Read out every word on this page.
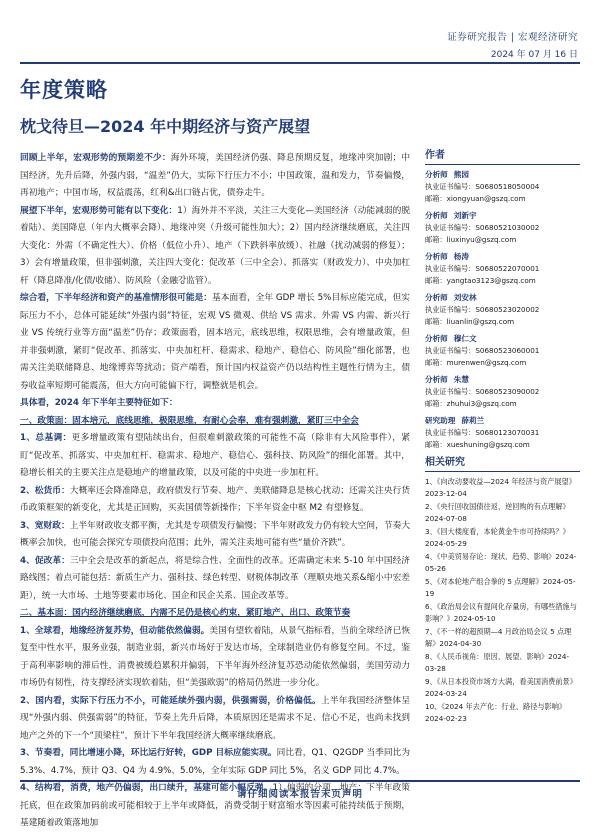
证券研究报告 | 宏观经济研究
2024 年 07 月 16 日
年度策略
枕戈待旦—2024 年中期经济与资产展望

回顾上半年，宏观形势的预期差不少：海外环境，美国经济仍强、降息预期反复，地缘冲突加剧；中国经济，先升后降，外强内弱，“温差”仍大，实际下行压力不小；中国政策，温和发力，节奏偏慢，再初地产；中国市场，权益震荡，红利&出口链占优，债券走牛。

展望下半年，宏观形势可能有以下变化：1）海外并不平淡，关注三大变化—美国经济（动能减弱的脱着陆）、美国降息（年内大概率会降）、地缘冲突（升级可能性加大）；2）国内经济继续磨底，关注四大变化：外需（不确定性大）、价格（低位小升）、地产（下跌斜率放缓）、社融（扰动减弱的修复）；3）会有增量政策，但非强刺激，关注四大变化：促改革（三中全会）、抓落实（财政发力）、中央加杠杆（降息降准/化债/收储）、防风险（金融강监管）。

综合看，下半年经济和资产的基准情形很可能是：基本面看，全年 GDP 增长 5%目标应能完成，但实际压力不小，总体可能延续“外强内弱”特征，宏观 VS 微观、供给 VS 需求、外需 VS 内需、新兴行业 VS 传统行业等方面“温差”仍存；政策面看，固本培元，底线思维，权限思维，会有增量政策，但并非强刺激，紧盯“促改革、抓落实、中央加杠杆、稳需求、稳地产、稳信心、防风险”细化部署，也需关注美联储降息、地缘博弈等扰动；资产端看，预计国内权益资产仍以结构性主题性行情为主，债券收益率短期可能震荡，但大方向可能偏下行，调整就是机会。

具体看，2024 年下半年主要特征如下：

一、政策面：固本培元，底线思维，极限思维，有耐心会奉，难有强刺激，紧盯三中全会

1、总基调：更多增量政策有望陆续出台，但很难刺激政策的可能性不高（除非有大风险事件），紧盯“促改革、抓落实、中央加杠杆、稳需求、稳地产、稳信心、强科技、防风险”的细化部署。其中，稳增长相关的主要关注点是稳地产的增量政策，以及可能的中央进一步加杠杆。

2、松货币：大概率还会降准降息，政府债发行节奏、地产、美联储降息是核心扰动；还需关注央行货币政策框架的新变化，尤其是正回购，买卖国债等新操作；下半年资金中枢 M2 有望修复。

3、宽财政：上半年财政收支都平衡，尤其是专项债发行偏慢；下半年财政发力仍有较大空间，节奏大概率会加快，也可能会探究专项债投向范围；此外，需关注卖地可能有些“量价齐跌”。

4、促改革：三中全会是改革的新起点，将是综合性、全面性的改革。还需确定未来 5-10 年中国经济路线图；着点可能包括：新质生产力、强科技、绿色转型、财税体制改革（理顺央地关系&缩小中宏差距），统一大市场、土地等要素市场化、国企和民企关系、国企改革等。

二、基本面：国内经济继续磨底，内需不足仍是核心约束，紧盯地产、出口、政策节奏

1、全球看，地缘经济复苏势，但动能依然偏弱。美国有望软着陆，从景气指标看，当前全球经济已恢复至中性水平，服务业强，制造业弱，新兴市场好于发达市场，全球制造业仍有修复空间。不过，鉴于高利率影响的滞后性，消费被缓趋累积并偏弱，下半年海外经济复苏恐动能依然偏弱，美国劳动力市场仍有韧性，待支撑经济实现软着陆，但“美强欧弱”的格局仍然进一步分化。

2、国内看，实际下行压力不小，可能延续外强内弱，供强需弱，价格偏低。上半年我国经济整体呈现“外强内弱、供强需弱”的特征，节奏上先升后降，本质原因还是需求不足、信心不足，也尚未找到地产之外的下一个“顶梁柱”，预计下半年我国经济大概率继续磨底。

3、节奏看，同比增速小降，环比运行好转，GDP 目标应能实现。同比看，Q1、Q2GDP 当季同比为 5.3%、4.7%，预计 Q3、Q4 为 4.9%、5.0%，全年实际 GDP 同比 5%，名义 GDP 同比 4.7%。

4、结构看，消费，地产仍偏弱，出口续升，基建可能小幅反弹。1）偏弱的分项，地产：下半年政策托底，但在政策加码前或可能相较于上半年或降低，消费受制于财富缩水等因素可能持续低于预期，基建随着政策落地加

作者
分析师 熊园
执业证书编号：S0680518050004
邮箱：xiongyuan@gszq.com
分析师 刘新宇
执业证书编号：S0680521030002
邮箱：liuxinyu@gszq.com
分析师 杨涛
执业证书编号：S0680522070001
邮箱：yangtao3123@gszq.com
分析师 刘安林
执业证书编号：S0680523020002
邮箱：liuanlin@gszq.com
分析师 穆仁文
执业证书编号：S0680523060001
邮箱：murenwen@gszq.com
分析师 朱慧
执业证书编号：S0680523090002
邮箱：zhuhui3@gszq.com
研究助理 薛莉兰
执业证书编号：S0680123070031
邮箱：xueshuning@gszq.com
相关研究
1、《向改动要收益—2024 年经济与资产展望》2023-12-04
2、《央行回收国债往返、逆回购的有点理解》2024-07-08
3、《回大楼度看，本轮黄金牛市可持续吗？》2024-05-29
4、《中美贸易存论：现状、趋势、影响》2024-05-26
5、《对本轮地产组合拳的 5 点理解》2024-05-19
6、《政治局会议有提间化存量房，有哪些措施与影响？》2024-05-10
7、《不一样的超预期—4 月政治局会议 5 点理解》2024-04-30
8、《人民币视角：原因、展望、影响》2024-03-28
9、《从日本投资市场方大满，看美国消费前景》2024-03-24
10、《2024 年去产化：行业、路径与影响》2024-02-23
请仔细阅读本报告末页声明
